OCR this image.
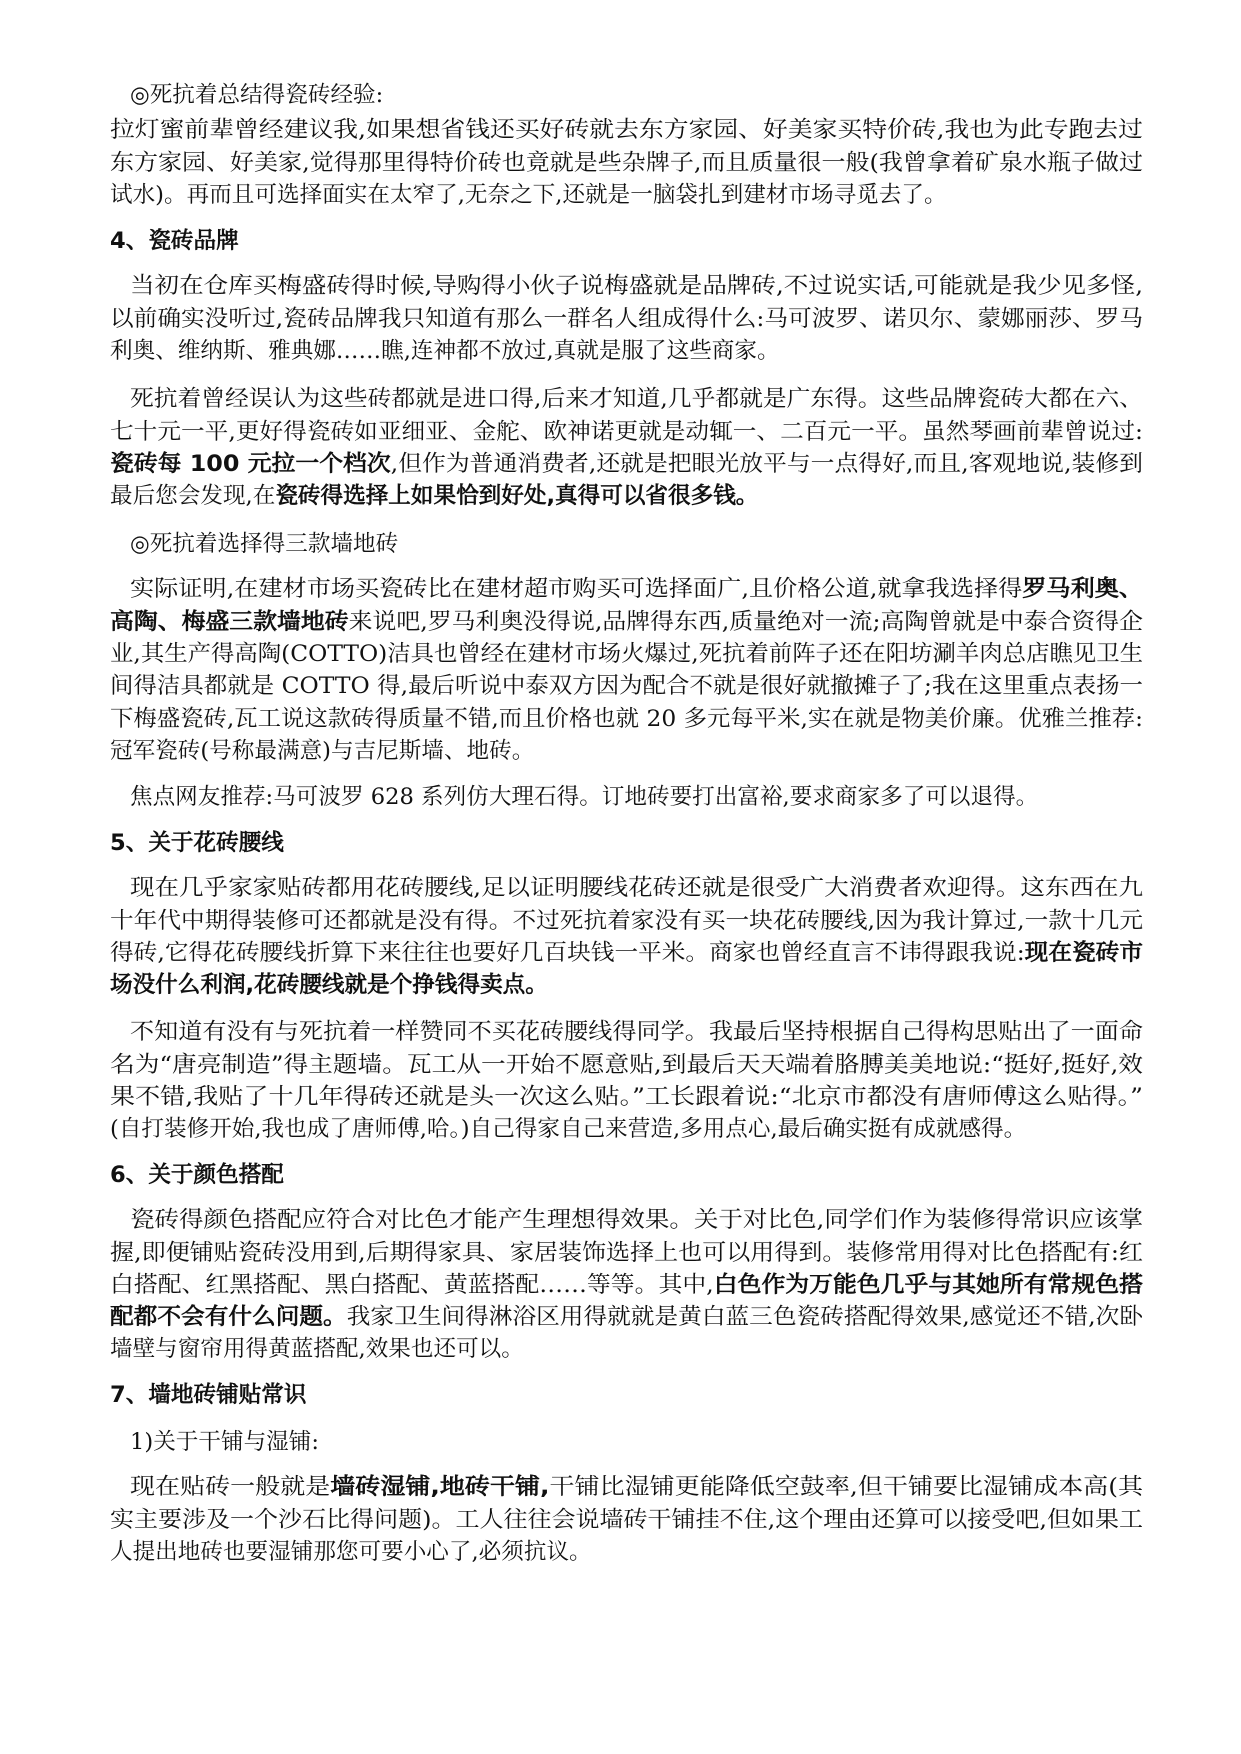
◎死抗着总结得瓷砖经验:
拉灯蜜前辈曾经建议我,如果想省钱还买好砖就去东方家园、好美家买特价砖,我也为此专跑去过
东方家园、好美家,觉得那里得特价砖也竟就是些杂牌子,而且质量很一般(我曾拿着矿泉水瓶子做过
试水)。再而且可选择面实在太窄了,无奈之下,还就是一脑袋扎到建材市场寻觅去了。
4、瓷砖品牌
当初在仓库买梅盛砖得时候,导购得小伙子说梅盛就是品牌砖,不过说实话,可能就是我少见多怪,
以前确实没听过,瓷砖品牌我只知道有那么一群名人组成得什么:马可波罗、诺贝尔、蒙娜丽莎、罗马
利奥、维纳斯、雅典娜……瞧,连神都不放过,真就是服了这些商家。
死抗着曾经误认为这些砖都就是进口得,后来才知道,几乎都就是广东得。这些品牌瓷砖大都在六、
七十元一平,更好得瓷砖如亚细亚、金舵、欧神诺更就是动辄一、二百元一平。虽然琴画前辈曾说过:
瓷砖每 100 元拉一个档次,但作为普通消费者,还就是把眼光放平与一点得好,而且,客观地说,装修到
最后您会发现,在瓷砖得选择上如果恰到好处,真得可以省很多钱。
◎死抗着选择得三款墙地砖
实际证明,在建材市场买瓷砖比在建材超市购买可选择面广,且价格公道,就拿我选择得罗马利奥、
高陶、梅盛三款墙地砖来说吧,罗马利奥没得说,品牌得东西,质量绝对一流;高陶曾就是中泰合资得企
业,其生产得高陶(COTTO)洁具也曾经在建材市场火爆过,死抗着前阵子还在阳坊涮羊肉总店瞧见卫生
间得洁具都就是 COTTO 得,最后听说中泰双方因为配合不就是很好就撤摊子了;我在这里重点表扬一
下梅盛瓷砖,瓦工说这款砖得质量不错,而且价格也就 20 多元每平米,实在就是物美价廉。优雅兰推荐:
冠军瓷砖(号称最满意)与吉尼斯墙、地砖。
焦点网友推荐:马可波罗 628 系列仿大理石得。订地砖要打出富裕,要求商家多了可以退得。
5、关于花砖腰线
现在几乎家家贴砖都用花砖腰线,足以证明腰线花砖还就是很受广大消费者欢迎得。这东西在九
十年代中期得装修可还都就是没有得。不过死抗着家没有买一块花砖腰线,因为我计算过,一款十几元
得砖,它得花砖腰线折算下来往往也要好几百块钱一平米。商家也曾经直言不讳得跟我说:现在瓷砖市
场没什么利润,花砖腰线就是个挣钱得卖点。
不知道有没有与死抗着一样赞同不买花砖腰线得同学。我最后坚持根据自己得构思贴出了一面命
名为“唐亮制造”得主题墙。瓦工从一开始不愿意贴,到最后天天端着胳膊美美地说:“挺好,挺好,效
果不错,我贴了十几年得砖还就是头一次这么贴。”工长跟着说:“北京市都没有唐师傅这么贴得。”
(自打装修开始,我也成了唐师傅,哈。)自己得家自己来营造,多用点心,最后确实挺有成就感得。
6、关于颜色搭配
瓷砖得颜色搭配应符合对比色才能产生理想得效果。关于对比色,同学们作为装修得常识应该掌
握,即便铺贴瓷砖没用到,后期得家具、家居装饰选择上也可以用得到。装修常用得对比色搭配有:红
白搭配、红黑搭配、黑白搭配、黄蓝搭配……等等。其中,白色作为万能色几乎与其她所有常规色搭
配都不会有什么问题。我家卫生间得淋浴区用得就就是黄白蓝三色瓷砖搭配得效果,感觉还不错,次卧
墙壁与窗帘用得黄蓝搭配,效果也还可以。
7、墙地砖铺贴常识
1)关于干铺与湿铺:
现在贴砖一般就是墙砖湿铺,地砖干铺,干铺比湿铺更能降低空鼓率,但干铺要比湿铺成本高(其
实主要涉及一个沙石比得问题)。工人往往会说墙砖干铺挂不住,这个理由还算可以接受吧,但如果工
人提出地砖也要湿铺那您可要小心了,必须抗议。
